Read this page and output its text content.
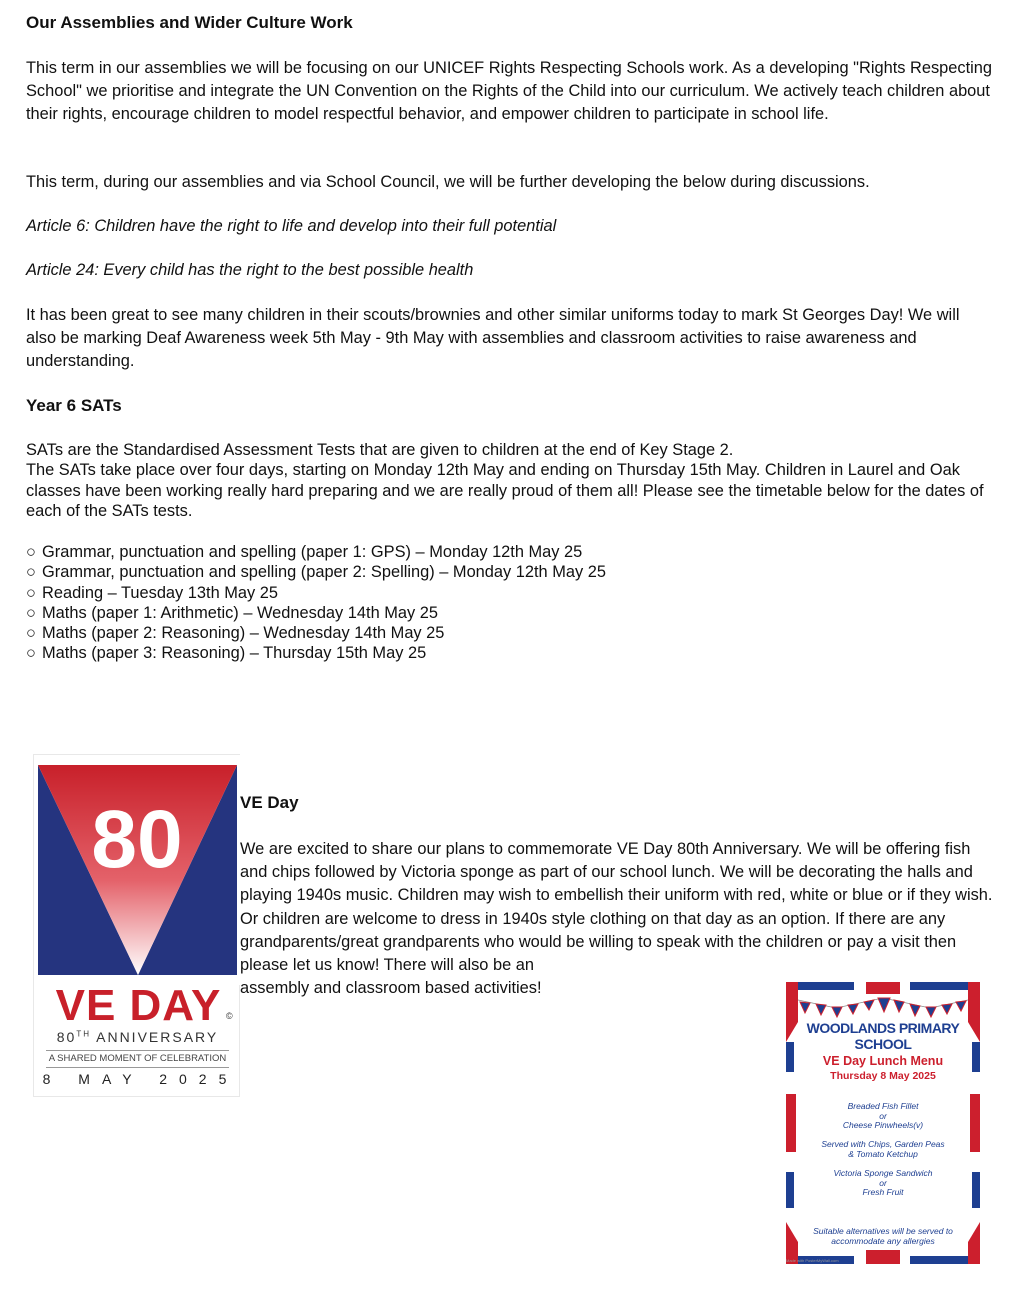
Our Assemblies and Wider Culture Work

This term in our assemblies we will be focusing on our UNICEF Rights Respecting Schools work. As a developing "Rights Respecting School" we prioritise and integrate the UN Convention on the Rights of the Child into our curriculum. We actively teach children about their rights, encourage children to model respectful behavior, and empower children to participate in school life.

This term, during our assemblies and via School Council, we will be further developing the below during discussions.

Article 6: Children have the right to life and develop into their full potential

Article 24: Every child has the right to the best possible health

It has been great to see many children in their scouts/brownies and other similar uniforms today to mark St Georges Day! We will also be marking Deaf Awareness week 5th May - 9th May with assemblies and classroom activities to raise awareness and understanding.

Year 6 SATs

SATs are the Standardised Assessment Tests that are given to children at the end of Key Stage 2.
The SATs take place over four days, starting on Monday 12th May and ending on Thursday 15th May. Children in Laurel and Oak classes have been working really hard preparing and we are really proud of them all! Please see the timetable below for the dates of each of the SATs tests.

○ Grammar, punctuation and spelling (paper 1: GPS) – Monday 12th May 25
○ Grammar, punctuation and spelling (paper 2: Spelling) – Monday 12th May 25
○ Reading – Tuesday 13th May 25
○ Maths (paper 1: Arithmetic) – Wednesday 14th May 25
○ Maths (paper 2: Reasoning) – Wednesday 14th May 25
○ Maths (paper 3: Reasoning) – Thursday 15th May 25
80
VE DAY ©
80TH ANNIVERSARY
A SHARED MOMENT OF CELEBRATION
8 MAY 2025
VE Day

We are excited to share our plans to commemorate VE Day 80th Anniversary. We will be offering fish and chips followed by Victoria sponge as part of our school lunch. We will be decorating the halls and playing 1940s music. Children may wish to embellish their uniform with red, white or blue or if they wish. Or children are welcome to dress in 1940s style clothing on that day as an option. If there are any grandparents/great grandparents who would be willing to speak with the children or pay a visit then please let us know! There will also be an
assembly and classroom based activities!

WOODLANDS PRIMARY
SCHOOL
VE Day Lunch Menu
Thursday 8 May 2025
Breaded Fish Fillet
or
Cheese Pinwheels(v)
Served with Chips, Garden Peas
& Tomato Ketchup
Victoria Sponge Sandwich
or
Fresh Fruit
Suitable alternatives will be served to
accommodate any allergies
Made with PosterMyWall.com
